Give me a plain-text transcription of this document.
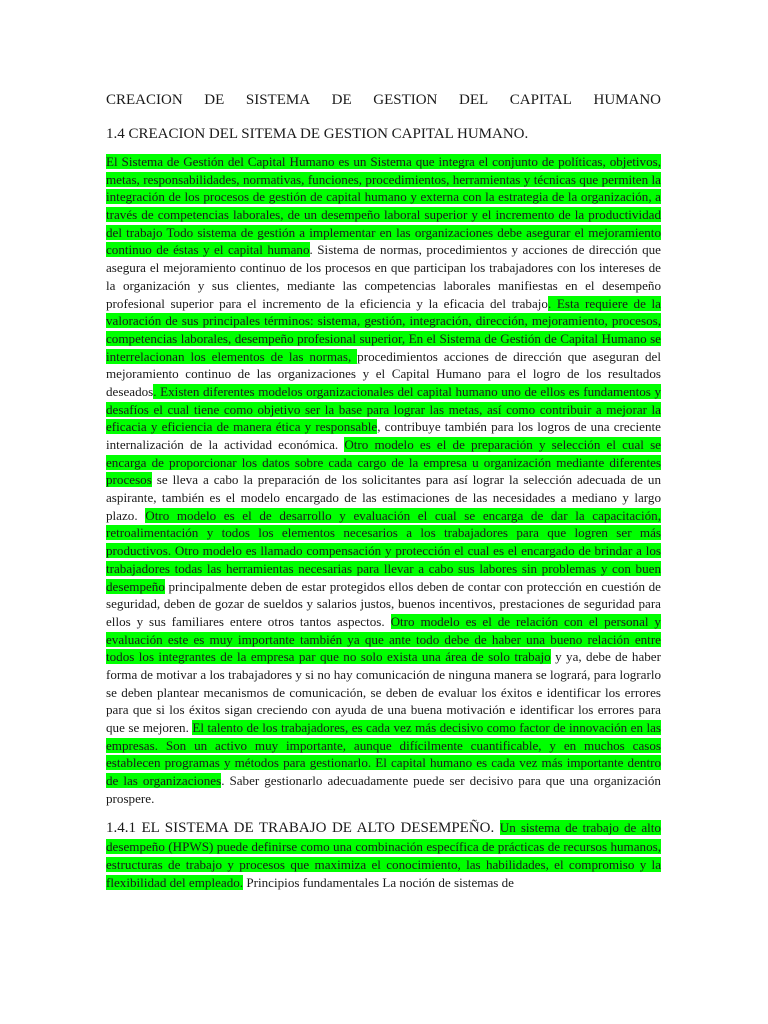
CREACION DE SISTEMA DE GESTION DEL CAPITAL HUMANO

1.4 CREACION DEL SITEMA DE GESTION CAPITAL HUMANO.

El Sistema de Gestión del Capital Humano es un Sistema que integra el conjunto de políticas, objetivos, metas, responsabilidades, normativas, funciones, procedimientos, herramientas y técnicas que permiten la integración de los procesos de gestión de capital humano y externa con la estrategia de la organización, a través de competencias laborales, de un desempeño laboral superior y el incremento de la productividad del trabajo Todo sistema de gestión a implementar en las organizaciones debe asegurar el mejoramiento continuo de éstas y el capital humano. Sistema de normas, procedimientos y acciones de dirección que asegura el mejoramiento continuo de los procesos en que participan los trabajadores con los intereses de la organización y sus clientes, mediante las competencias laborales manifiestas en el desempeño profesional superior para el incremento de la eficiencia y la eficacia del trabajo. Esta requiere de la valoración de sus principales términos: sistema, gestión, integración, dirección, mejoramiento, procesos, competencias laborales, desempeño profesional superior, En el Sistema de Gestión de Capital Humano se interrelacionan los elementos de las normas, procedimientos acciones de dirección que aseguran del mejoramiento continuo de las organizaciones y el Capital Humano para el logro de los resultados deseados. Existen diferentes modelos organizacionales del capital humano uno de ellos es fundamentos y desafíos el cual tiene como objetivo ser la base para lograr las metas, así como contribuir a mejorar la eficacia y eficiencia de manera ética y responsable, contribuye también para los logros de una creciente internalización de la actividad económica. Otro modelo es el de preparación y selección el cual se encarga de proporcionar los datos sobre cada cargo de la empresa u organización mediante diferentes procesos se lleva a cabo la preparación de los solicitantes para así lograr la selección adecuada de un aspirante, también es el modelo encargado de las estimaciones de las necesidades a mediano y largo plazo. Otro modelo es el de desarrollo y evaluación el cual se encarga de dar la capacitación, retroalimentación y todos los elementos necesarios a los trabajadores para que logren ser más productivos. Otro modelo es llamado compensación y protección el cual es el encargado de brindar a los trabajadores todas las herramientas necesarias para llevar a cabo sus labores sin problemas y con buen desempeño principalmente deben de estar protegidos ellos deben de contar con protección en cuestión de seguridad, deben de gozar de sueldos y salarios justos, buenos incentivos, prestaciones de seguridad para ellos y sus familiares entere otros tantos aspectos. Otro modelo es el de relación con el personal y evaluación este es muy importante también ya que ante todo debe de haber una bueno relación entre todos los integrantes de la empresa par que no solo exista una área de solo trabajo y ya, debe de haber forma de motivar a los trabajadores y si no hay comunicación de ninguna manera se logrará, para lograrlo se deben plantear mecanismos de comunicación, se deben de evaluar los éxitos e identificar los errores para que si los éxitos sigan creciendo con ayuda de una buena motivación e identificar los errores para que se mejoren. El talento de los trabajadores, es cada vez más decisivo como factor de innovación en las empresas. Son un activo muy importante, aunque difícilmente cuantificable, y en muchos casos establecen programas y métodos para gestionarlo. El capital humano es cada vez más importante dentro de las organizaciones. Saber gestionarlo adecuadamente puede ser decisivo para que una organización prospere.

1.4.1 EL SISTEMA DE TRABAJO DE ALTO DESEMPEÑO. Un sistema de trabajo de alto desempeño (HPWS) puede definirse como una combinación específica de prácticas de recursos humanos, estructuras de trabajo y procesos que maximiza el conocimiento, las habilidades, el compromiso y la flexibilidad del empleado. Principios fundamentales La noción de sistemas de
